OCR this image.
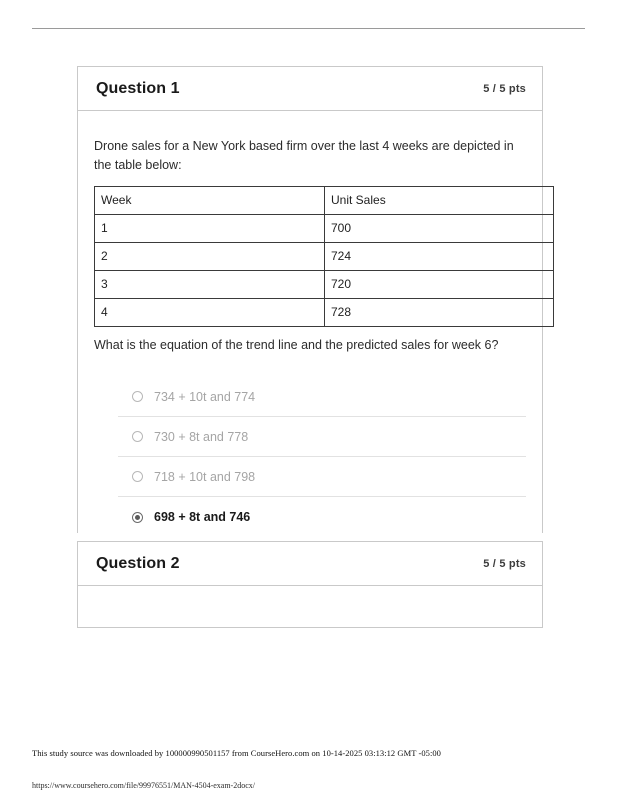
Question 1	5 / 5 pts

Drone sales for a New York based firm over the last 4 weeks are depicted in the table below:

Week	Unit Sales
1	700
2	724
3	720
4	728

What is the equation of the trend line and the predicted sales for week 6?

734 + 10t and 774
730 + 8t and 778
718 + 10t and 798
698 + 8t and 746
Question 2	5 / 5 pts
This study source was downloaded by 100000990501157 from CourseHero.com on 10-14-2025 03:13:12 GMT -05:00
https://www.coursehero.com/file/99976551/MAN-4504-exam-2docx/
